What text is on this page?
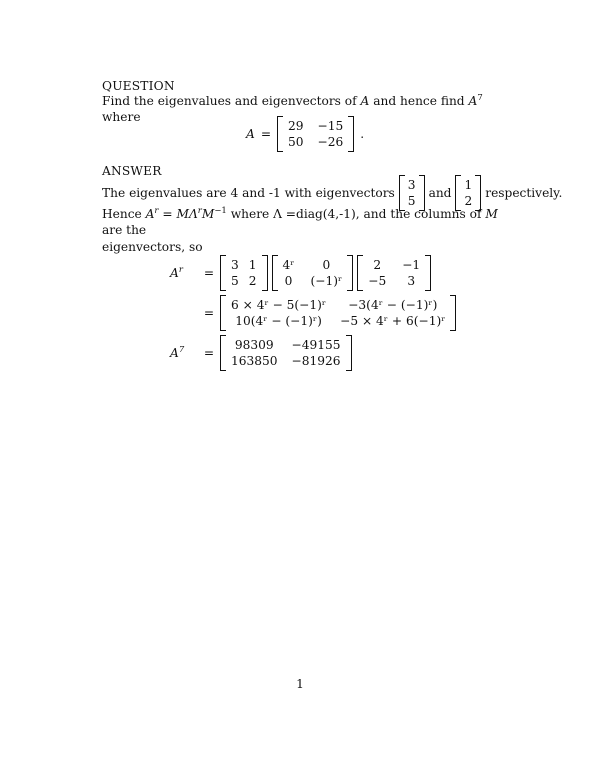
QUESTION
Find the eigenvalues and eigenvectors of A and hence find $A^7$ where
A =
29 −15
50 −26
.
ANSWER
The eigenvalues are 4 and -1 with eigenvectors
3
5
and
1
2
respectively.
Hence $A^r = M\Lambda^rM^{-1}$ where Λ =diag(4,-1), and the columns of M are the
eigenvectors, so
$A^r$	=
3 1
5 2
4ʳ	0
0 (−1)ʳ
2	−1
−5	3
=
6 × 4ʳ − 5(−1)ʳ	−3(4ʳ − (−1)ʳ)
10(4ʳ − (−1)ʳ)	−5 × 4ʳ + 6(−1)ʳ
$A^7$	=
98309	−49155
163850 −81926
1
